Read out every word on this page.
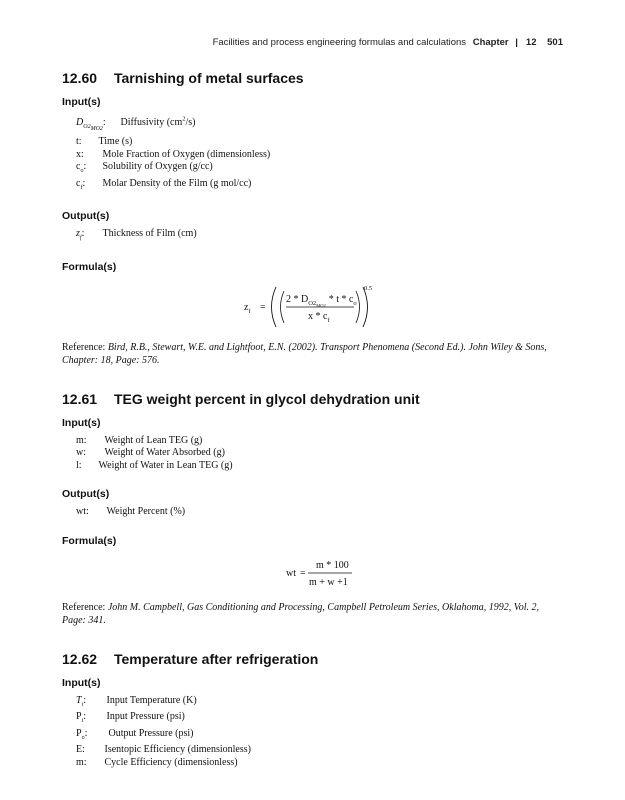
Facilities and process engineering formulas and calculations Chapter | 12 501
12.60 Tarnishing of metal surfaces
Input(s)
$D_{O2_{MO2}}$: Diffusivity $(cm^2/s)$
t: Time (s)
x: Mole Fraction of Oxygen (dimensionless)
$c_o$: Solubility of Oxygen (g/cc)
$c_f$: Molar Density of the Film (g mol/cc)
Output(s)
$z_f$: Thickness of Film (cm)
Formula(s)
$z_f$ =
$2 * D_{O2MO2}*$ t * $c_o$
x * $c_f$
0.5
Reference: Bird, R.B., Stewart, W.E. and Lightfoot, E.N. (2002). Transport Phenomena (Second Ed.). John Wiley & Sons, Chapter: 18, Page: 576.
12.61 TEG weight percent in glycol dehydration unit
Input(s)
m: Weight of Lean TEG (g)
w: Weight of Water Absorbed (g)
l: Weight of Water in Lean TEG (g)
Output(s)
wt: Weight Percent (%)
Formula(s)
wt =
m * 100
m + w +1
Reference: John M. Campbell, Gas Conditioning and Processing, Campbell Petroleum Series, Oklahoma, 1992, Vol. 2, Page: 341.
12.62 Temperature after refrigeration
Input(s)
$T_i$: Input Temperature (K)
$P_i$: Input Pressure (psi)
$P_o$: Output Pressure (psi)
E: Isentopic Efficiency (dimensionless)
m: Cycle Efficiency (dimensionless)
